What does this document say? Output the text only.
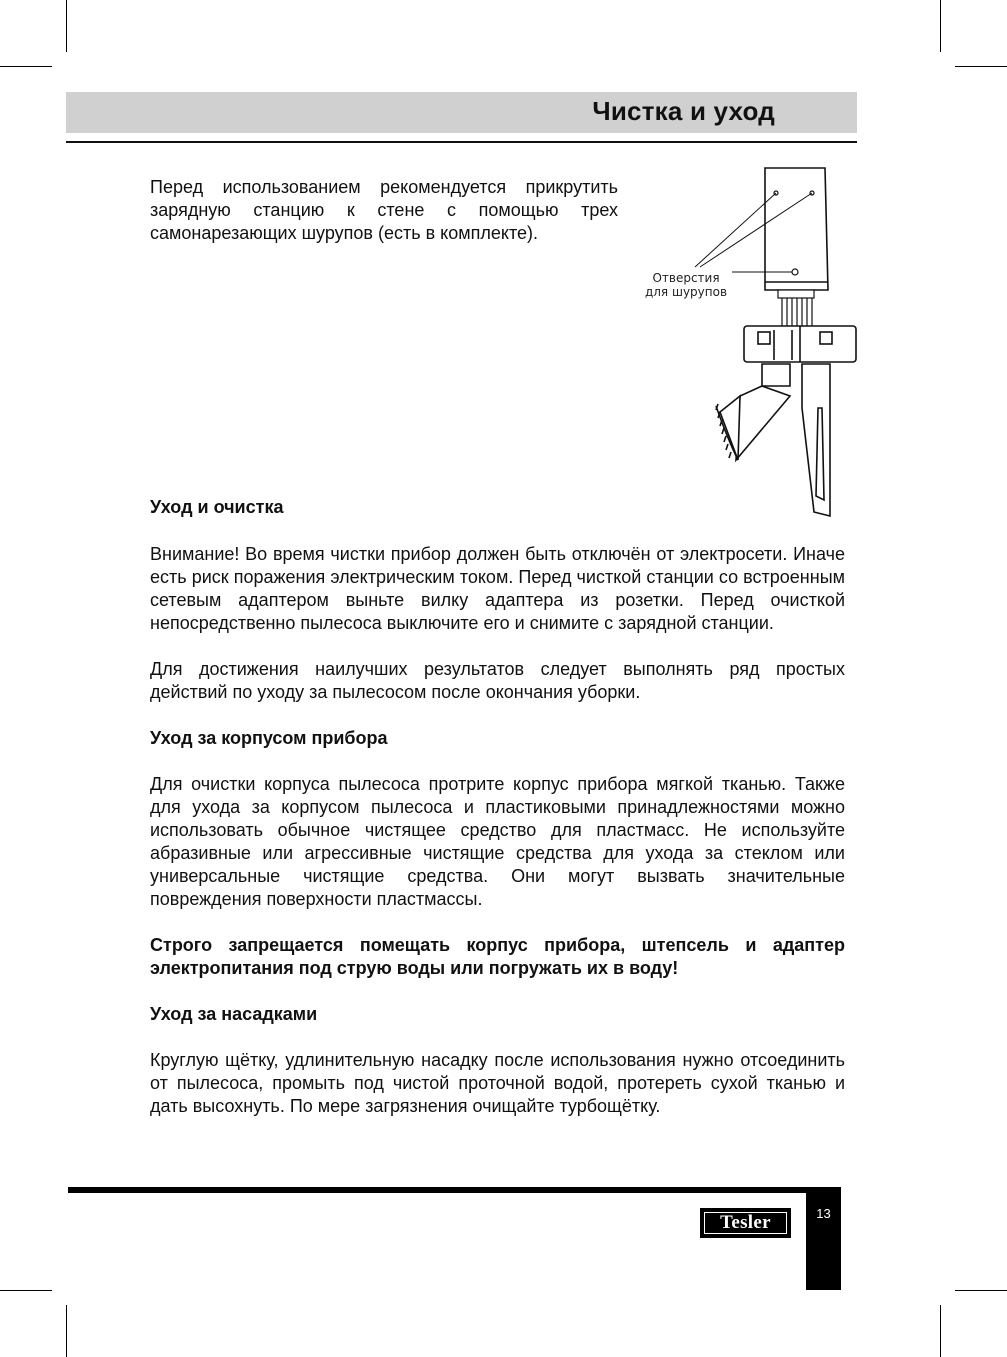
Чистка и уход
Перед использованием рекомендуется прикрутить зарядную станцию к стене с помощью трех самонарезающих шурупов (есть в комплекте).
Отверстия
для шурупов
Уход и очистка
Внимание! Во время чистки прибор должен быть отключён от электросети. Иначе есть риск поражения электрическим током. Перед чисткой станции со встроенным сетевым адаптером выньте вилку адаптера из розетки. Перед очисткой непосредственно пылесоса выключите его и снимите с зарядной станции.
Для достижения наилучших результатов следует выполнять ряд простых действий по уходу за пылесосом после окончания уборки.
Уход за корпусом прибора
Для очистки корпуса пылесоса протрите корпус прибора мягкой тканью. Также для ухода за корпусом пылесоса и пластиковыми принадлежностями можно использовать обычное чистящее средство для пластмасс. Не используйте абразивные или агрессивные чистящие средства для ухода за стеклом или универсальные чистящие средства. Они могут вызвать значительные повреждения поверхности пластмассы.
Строго запрещается помещать корпус прибора, штепсель и адаптер электропитания под струю воды или погружать их в воду!
Уход за насадками
Круглую щётку, удлинительную насадку после использования нужно отсоединить от пылесоса, промыть под чистой проточной водой, протереть сухой тканью и дать высохнуть. По мере загрязнения очищайте турбощётку.
13
Tesler
